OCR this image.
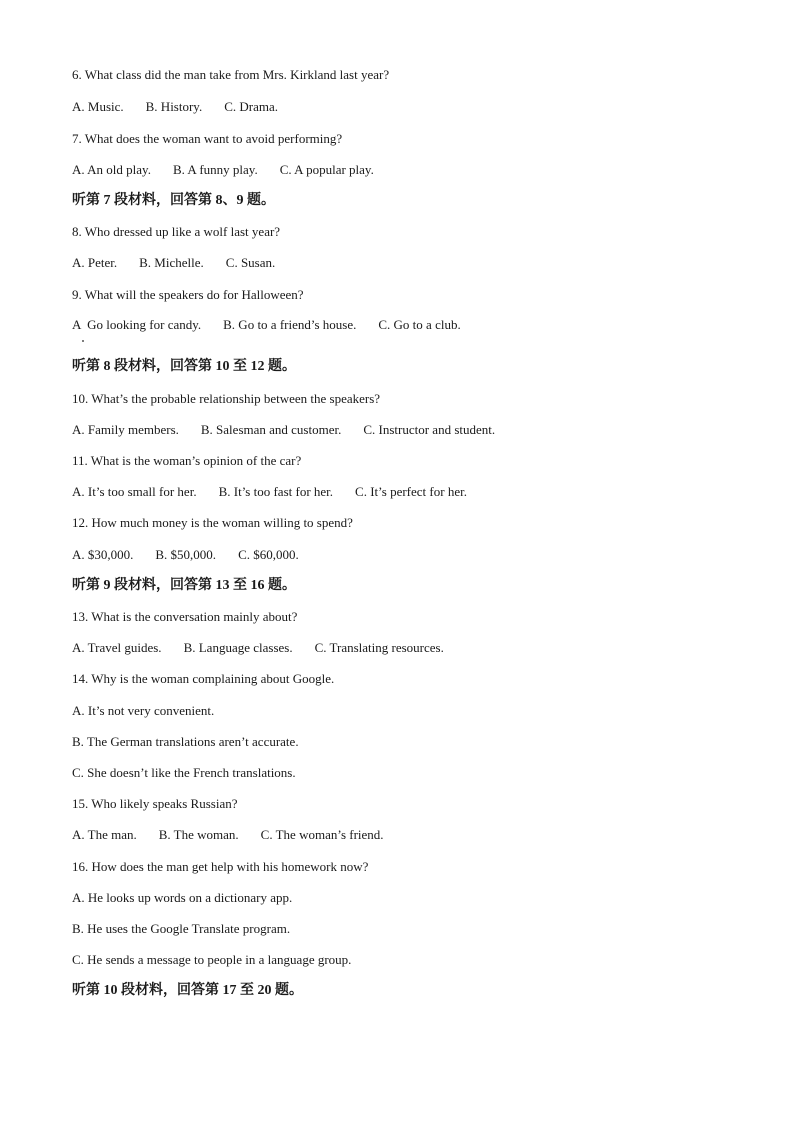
6. What class did the man take from Mrs. Kirkland last year?
A. Music. B. History. C. Drama.
7. What does the woman want to avoid performing?
A. An old play. B. A funny play. C. A popular play.
听第 7 段材料，回答第 8、9 题。
8. Who dressed up like a wolf last year?
A. Peter. B. Michelle. C. Susan.
9. What will the speakers do for Halloween?
A  Go looking for candy. B. Go to a friend’s house. C. Go to a club.
听第 8 段材料，回答第 10 至 12 题。
10. What’s the probable relationship between the speakers?
A. Family members. B. Salesman and customer. C. Instructor and student.
11. What is the woman’s opinion of the car?
A. It’s too small for her. B. It’s too fast for her. C. It’s perfect for her.
12. How much money is the woman willing to spend?
A. $30,000. B. $50,000. C. $60,000.
听第 9 段材料，回答第 13 至 16 题。
13. What is the conversation mainly about?
A. Travel guides. B. Language classes. C. Translating resources.
14. Why is the woman complaining about Google.
A. It’s not very convenient.
B. The German translations aren’t accurate.
C. She doesn’t like the French translations.
15. Who likely speaks Russian?
A. The man. B. The woman. C. The woman’s friend.
16. How does the man get help with his homework now?
A. He looks up words on a dictionary app.
B. He uses the Google Translate program.
C. He sends a message to people in a language group.
听第 10 段材料，回答第 17 至 20 题。
